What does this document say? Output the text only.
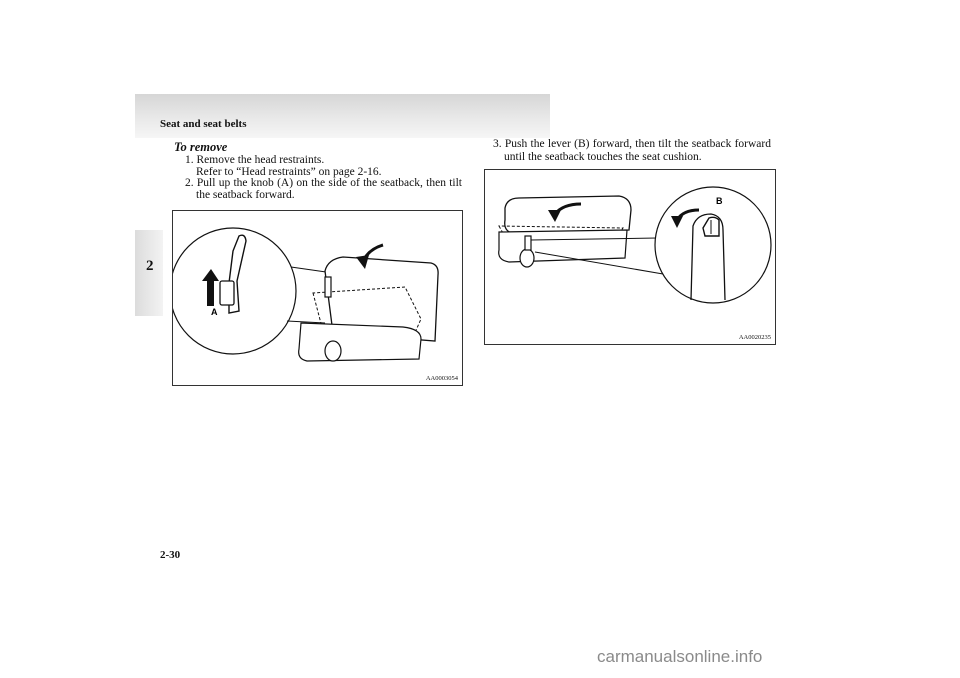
Seat and seat belts
2
To remove
1. Remove the head restraints.
Refer to “Head restraints” on page 2-16.
2. Pull up the knob (A) on the side of the seatback, then tilt
the seatback forward.
3. Push the lever (B) forward, then tilt the seatback forward
until the seatback touches the seat cushion.
A
AA0003054
B
AA0020235
2-30
carmanualsonline.info
